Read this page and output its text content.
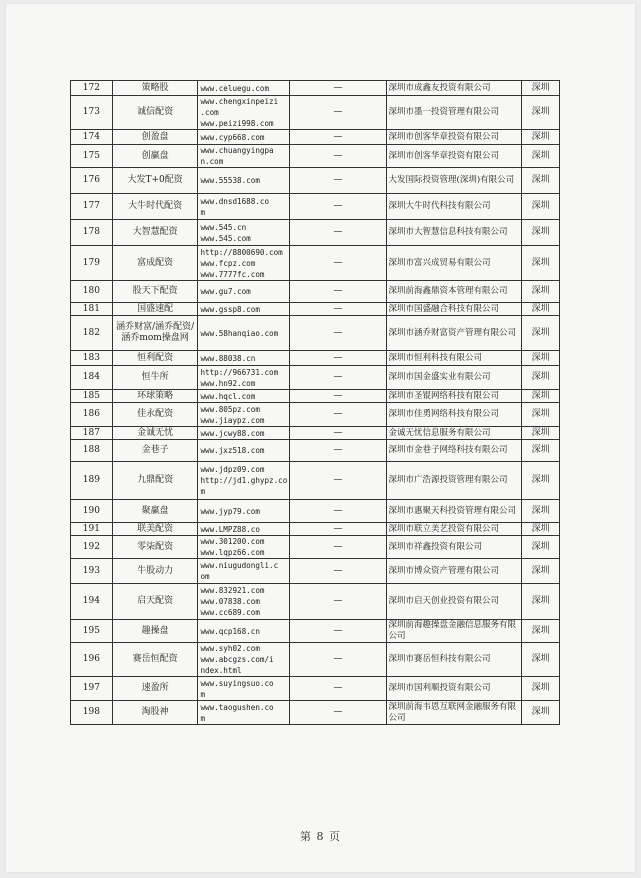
172	策略股	www.celuegu.com	—	深圳市成鑫友投资有限公司	深圳
173	诚信配资	www.chengxinpeizi
.com
www.peizi998.com	—	深圳市墨一投资管理有限公司	深圳
174	创盈盘	www.cyp668.com	—	深圳市创客华章投资有限公司	深圳
175	创赢盘	www.chuangyingpa
n.com	—	深圳市创客华章投资有限公司	深圳
176	大发T+0配资	www.55538.com	—	大发国际投资管理(深圳)有限公司	深圳
177	大牛时代配资	www.dnsd1688.co
m	—	深圳大牛时代科技有限公司	深圳
178	大智慧配资	www.545.cn
www.545.com	—	深圳市大智慧信息科技有限公司	深圳
179	富成配资	http://8800690.com
www.fcpz.com
www.7777fc.com	—	深圳市富兴成贸易有限公司	深圳
180	股天下配资	www.gu7.com	—	深圳前海鑫鼎资本管理有限公司	深圳
181	国盛速配	www.gssp8.com	—	深圳市国盛融合科技有限公司	深圳
182	涵乔财富/涵乔配资/涵乔mom操盘网	www.58hanqiao.com	—	深圳市涵乔财富资产管理有限公司	深圳
183	恒利配资	www.88038.cn	—	深圳市恒利科技有限公司	深圳
184	恒牛所	http://966731.com
www.hn92.com	—	深圳市国金盛实业有限公司	深圳
185	环球策略	www.hqcl.com	—	深圳市圣锟网络科技有限公司	深圳
186	佳永配资	www.805pz.com
www.jiaypz.com	—	深圳市佳勇网络科技有限公司	深圳
187	金诚无忧	www.jcwy88.com	—	金诚无忧信息服务有限公司	深圳
188	金巷子	www.jxz518.com	—	深圳市金巷子网络科技有限公司	深圳
189	九鼎配资	www.jdpz09.com
http://jd1.ghypz.co
m	—	深圳市广浩源投资管理有限公司	深圳
190	聚赢盘	www.jyp79.com	—	深圳市惠聚天科投资管理有限公司	深圳
191	联美配资	www.LMPZ88.co	—	深圳市联立美艺投资有限公司	深圳
192	零柒配资	www.301200.com
www.lqpz66.com	—	深圳市祥鑫投资有限公司	深圳
193	牛股动力	www.niugudongli.c
om	—	深圳市博众资产管理有限公司	深圳
194	启天配资	www.832921.com
www.07838.com
www.cc689.com	—	深圳市启天创业投资有限公司	深圳
195	趣操盘	www.qcp168.cn	—	深圳前海趣操盘金融信息服务有限公司	深圳
196	赛岳恒配资	www.syh02.com
www.abcgzs.com/i
ndex.html	—	深圳市赛岳恒科技有限公司	深圳
197	速盈所	www.suyingsuo.co
m	—	深圳市国利顺投资有限公司	深圳
198	淘股神	www.taogushen.co
m	—	深圳前海韦恩互联网金融服务有限公司	深圳
第 8 页
